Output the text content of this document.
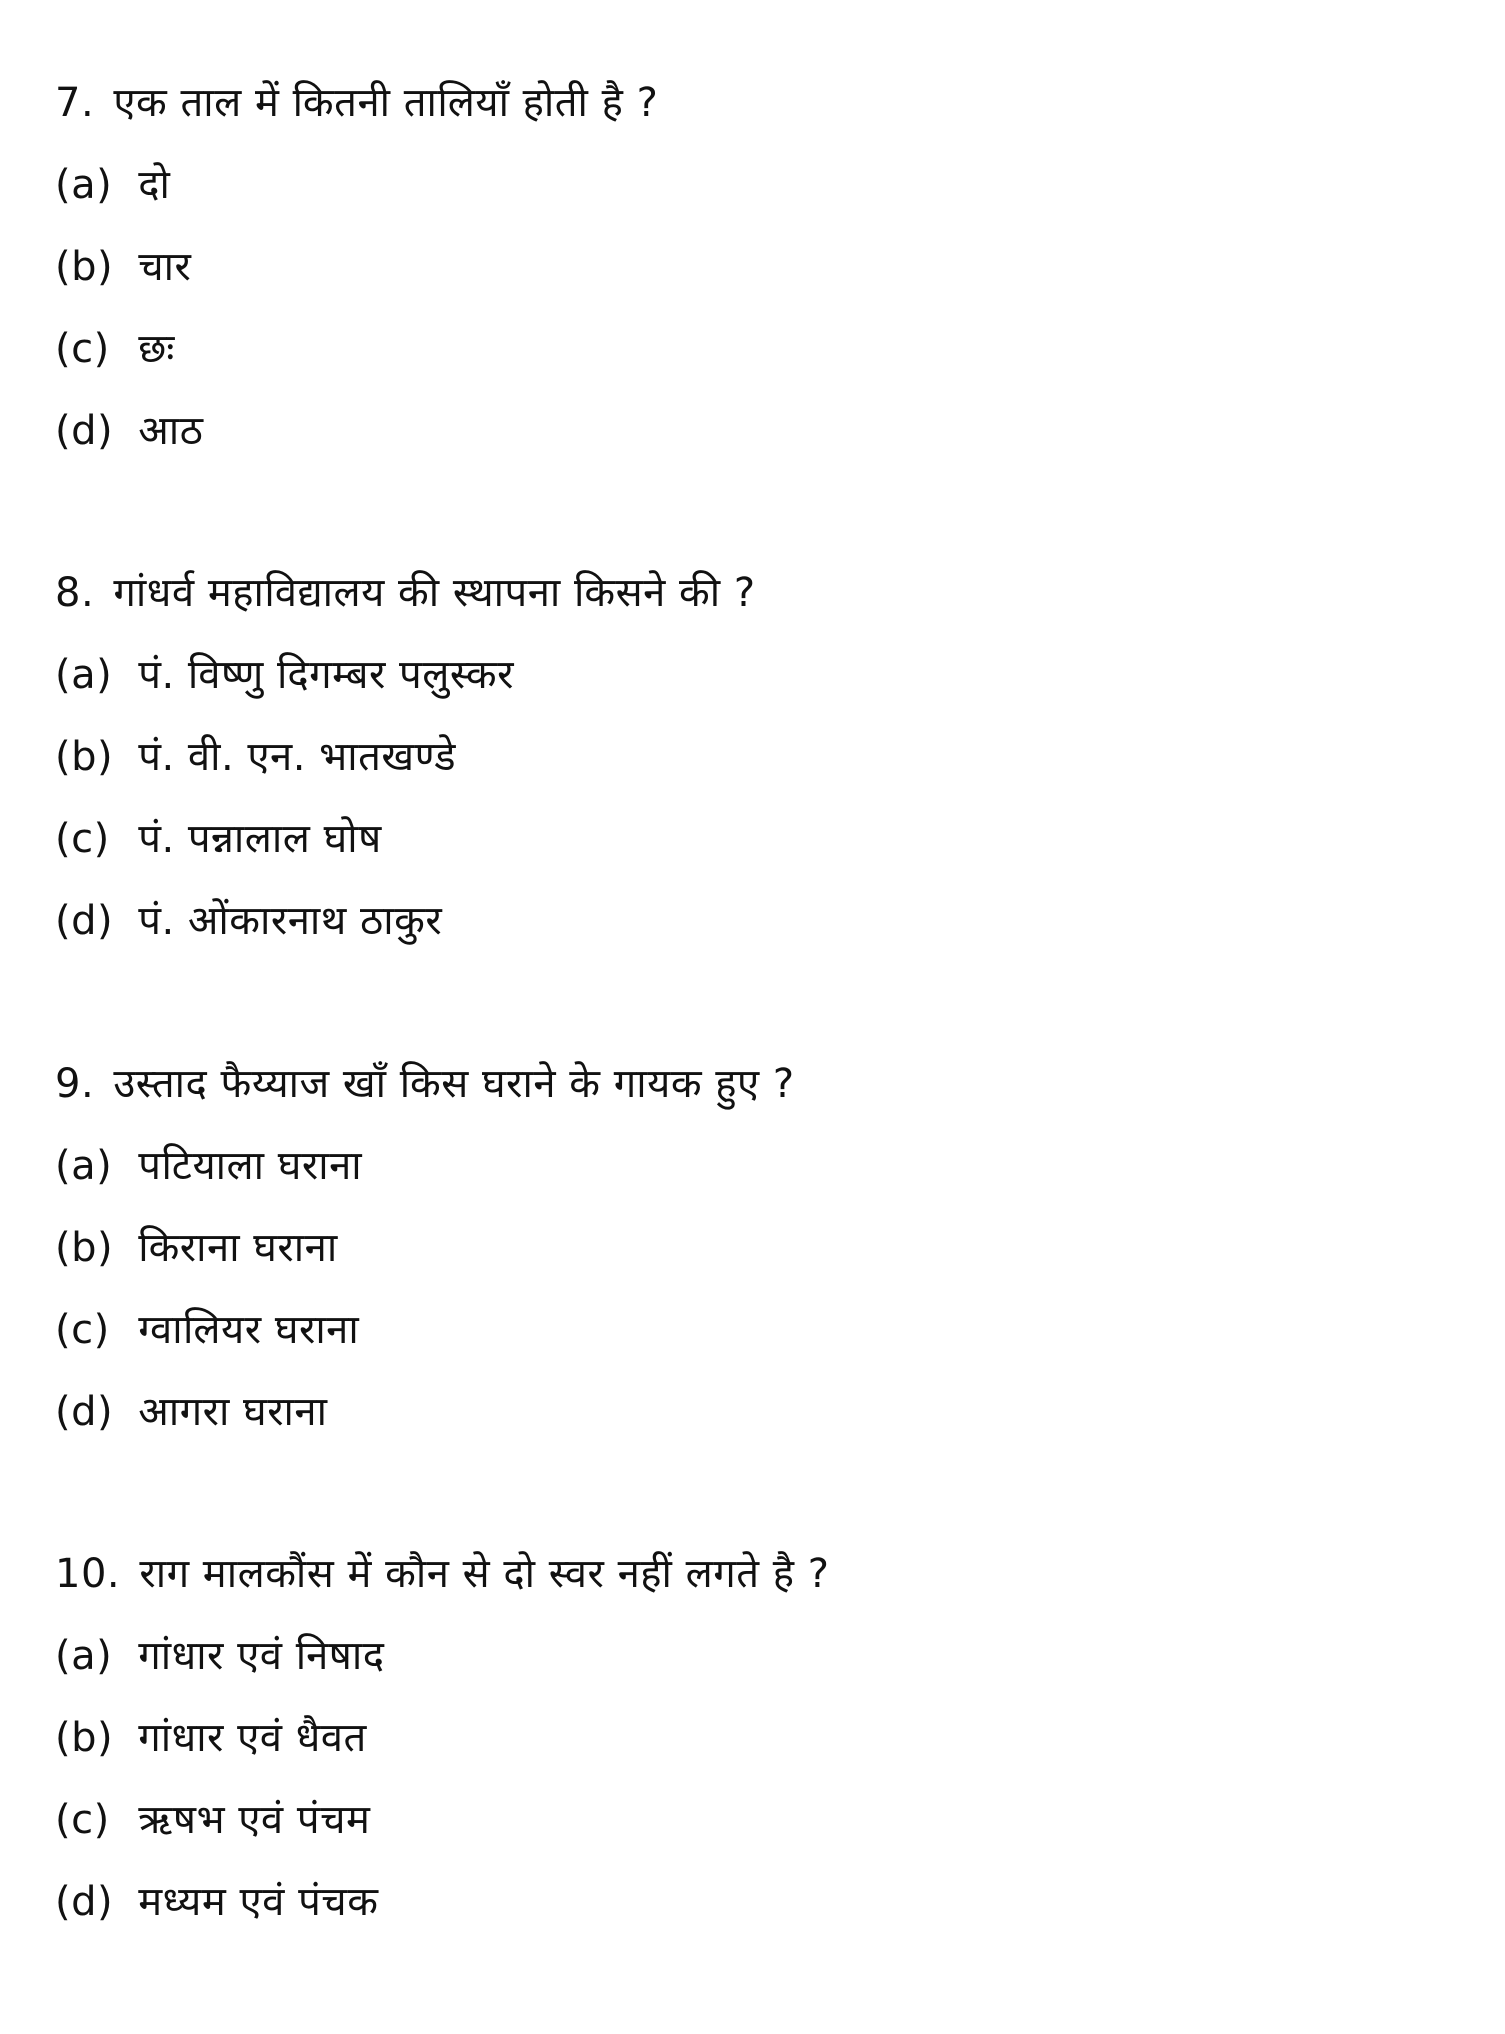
7. एक ताल में कितनी तालियाँ होती है ?
(a) दो
(b) चार
(c) छः
(d) आठ
8. गांधर्व महाविद्यालय की स्थापना किसने की ?
(a) पं. विष्णु दिगम्बर पलुस्कर
(b) पं. वी. एन. भातखण्डे
(c) पं. पन्नालाल घोष
(d) पं. ओंकारनाथ ठाकुर
9. उस्ताद फैय्याज खाँ किस घराने के गायक हुए ?
(a) पटियाला घराना
(b) किराना घराना
(c) ग्वालियर घराना
(d) आगरा घराना
10. राग मालकौंस में कौन से दो स्वर नहीं लगते है ?
(a) गांधार एवं निषाद
(b) गांधार एवं धैवत
(c) ऋषभ एवं पंचम
(d) मध्यम एवं पंचक
